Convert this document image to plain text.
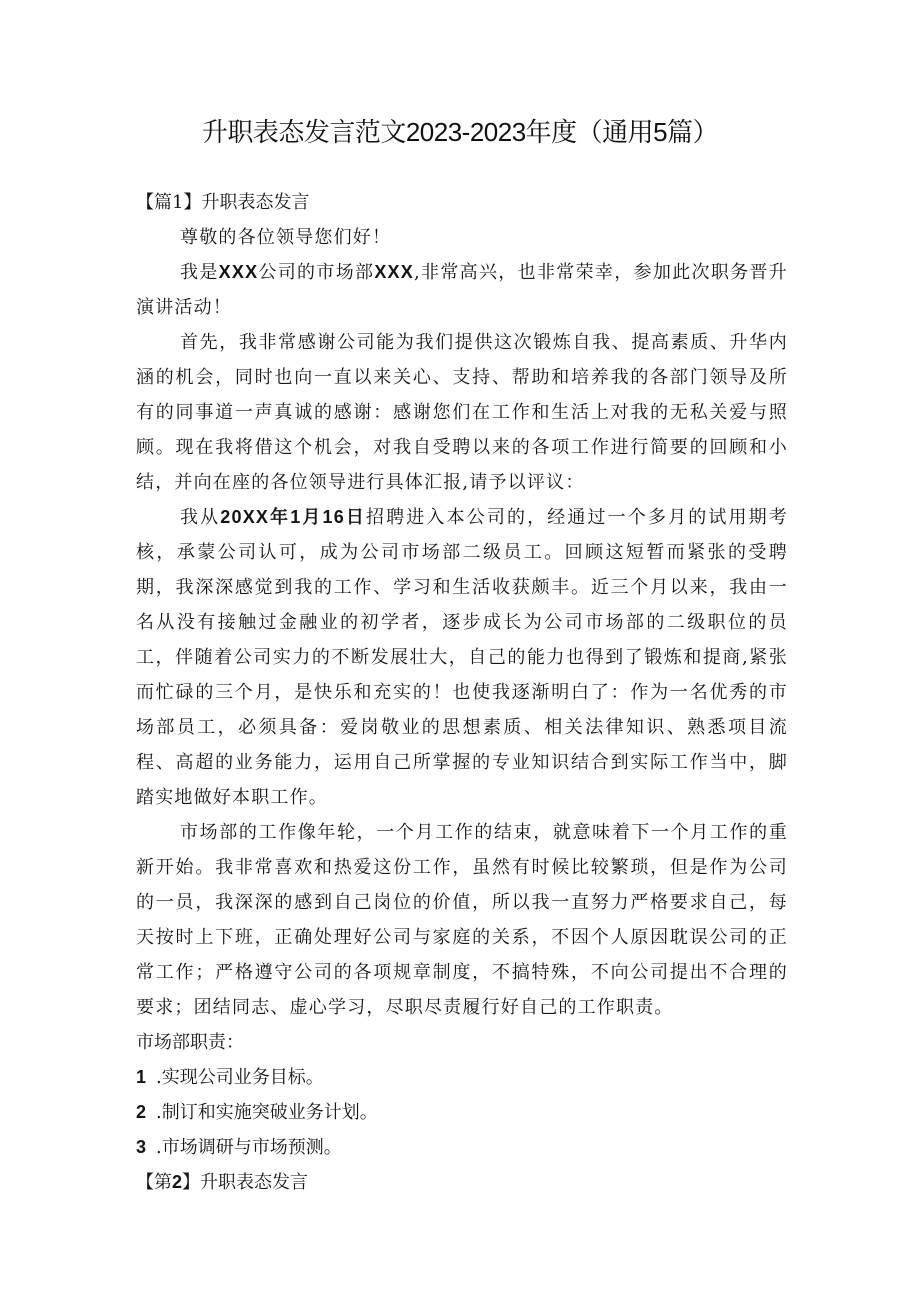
升职表态发言范文2023-2023年度（通用5篇）

【篇1】升职表态发言

尊敬的各位领导您们好！

我是XXX公司的市场部XXX,非常高兴，也非常荣幸，参加此次职务晋升演讲活动！

首先，我非常感谢公司能为我们提供这次锻炼自我、提高素质、升华内涵的机会，同时也向一直以来关心、支持、帮助和培养我的各部门领导及所有的同事道一声真诚的感谢：感谢您们在工作和生活上对我的无私关爱与照顾。现在我将借这个机会，对我自受聘以来的各项工作进行简要的回顾和小结，并向在座的各位领导进行具体汇报,请予以评议：

我从20XX年1月16日招聘进入本公司的，经通过一个多月的试用期考核，承蒙公司认可，成为公司市场部二级员工。回顾这短暂而紧张的受聘期，我深深感觉到我的工作、学习和生活收获颇丰。近三个月以来，我由一名从没有接触过金融业的初学者，逐步成长为公司市场部的二级职位的员工，伴随着公司实力的不断发展壮大，自己的能力也得到了锻炼和提商,紧张而忙碌的三个月，是快乐和充实的！也使我逐渐明白了：作为一名优秀的市场部员工，必须具备：爱岗敬业的思想素质、相关法律知识、熟悉项目流程、高超的业务能力，运用自己所掌握的专业知识结合到实际工作当中，脚踏实地做好本职工作。

市场部的工作像年轮，一个月工作的结束，就意味着下一个月工作的重新开始。我非常喜欢和热爱这份工作，虽然有时候比较繁琐，但是作为公司的一员，我深深的感到自己岗位的价值，所以我一直努力严格要求自己，每天按时上下班，正确处理好公司与家庭的关系，不因个人原因耽误公司的正常工作；严格遵守公司的各项规章制度，不搞特殊，不向公司提出不合理的要求；团结同志、虚心学习，尽职尽责履行好自己的工作职责。

市场部职责：

1 .实现公司业务目标。

2 .制订和实施突破业务计划。

3 .市场调研与市场预测。

【第2】升职表态发言
